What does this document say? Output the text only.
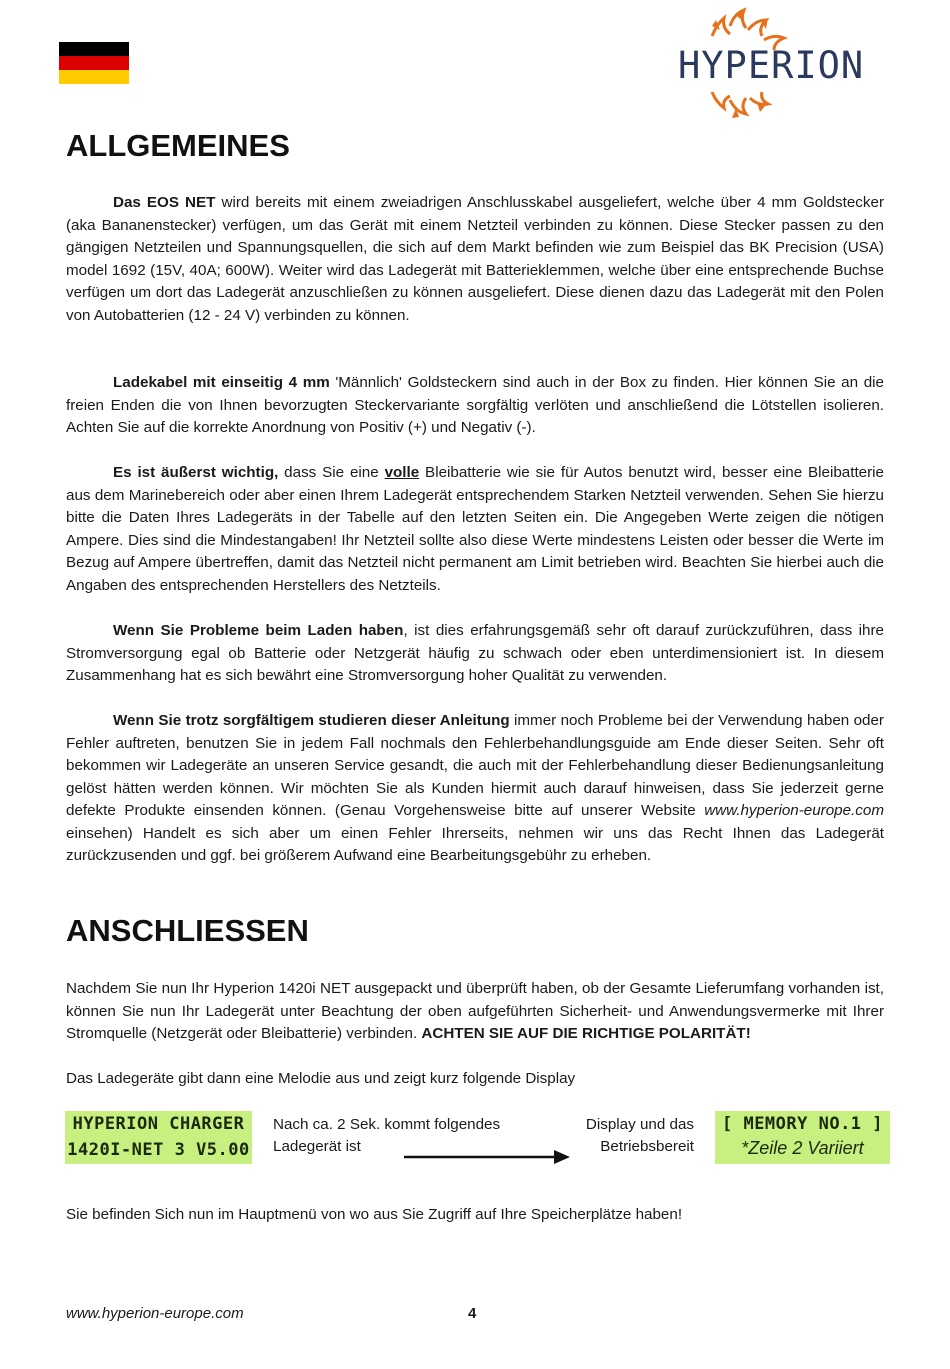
HYPERION
ALLGEMEINES

Das EOS NET wird bereits mit einem zweiadrigen Anschlusskabel ausgeliefert, welche über 4 mm Goldstecker (aka Bananenstecker) verfügen, um das Gerät mit einem Netzteil verbinden zu können. Diese Stecker passen zu den gängigen Netzteilen und Spannungsquellen, die sich auf dem Markt befinden wie zum Beispiel das BK Precision (USA) model 1692 (15V, 40A; 600W). Weiter wird das Ladegerät mit Batterieklemmen, welche über eine entsprechende Buchse verfügen um dort das Ladegerät anzuschließen zu können ausgeliefert. Diese dienen dazu das Ladegerät mit den Polen von Autobatterien (12 - 24 V) verbinden zu können.

Ladekabel mit einseitig 4 mm 'Männlich' Goldsteckern sind auch in der Box zu finden. Hier können Sie an die freien Enden die von Ihnen bevorzugten Steckervariante sorgfältig verlöten und anschließend die Lötstellen isolieren. Achten Sie auf die korrekte Anordnung von Positiv (+) und Negativ (-).

Es ist äußerst wichtig, dass Sie eine volle Bleibatterie wie sie für Autos benutzt wird, besser eine Bleibatterie aus dem Marinebereich oder aber einen Ihrem Ladegerät entsprechendem Starken Netzteil verwenden. Sehen Sie hierzu bitte die Daten Ihres Ladegeräts in der Tabelle auf den letzten Seiten ein. Die Angegeben Werte zeigen die nötigen Ampere. Dies sind die Mindestangaben! Ihr Netzteil sollte also diese Werte mindestens Leisten oder besser die Werte im Bezug auf Ampere übertreffen, damit das Netzteil nicht permanent am Limit betrieben wird. Beachten Sie hierbei auch die Angaben des entsprechenden Herstellers des Netzteils.

Wenn Sie Probleme beim Laden haben, ist dies erfahrungsgemäß sehr oft darauf zurückzuführen, dass ihre Stromversorgung egal ob Batterie oder Netzgerät häufig zu schwach oder eben unterdimensioniert ist. In diesem Zusammenhang hat es sich bewährt eine Stromversorgung hoher Qualität zu verwenden.

Wenn Sie trotz sorgfältigem studieren dieser Anleitung immer noch Probleme bei der Verwendung haben oder Fehler auftreten, benutzen Sie in jedem Fall nochmals den Fehlerbehandlungsguide am Ende dieser Seiten. Sehr oft bekommen wir Ladegeräte an unseren Service gesandt, die auch mit der Fehlerbehandlung dieser Bedienungsanleitung gelöst hätten werden können. Wir möchten Sie als Kunden hiermit auch darauf hinweisen, dass Sie jederzeit gerne defekte Produkte einsenden können. (Genau Vorgehensweise bitte auf unserer Website www.hyperion-europe.com einsehen) Handelt es sich aber um einen Fehler Ihrerseits, nehmen wir uns das Recht Ihnen das Ladegerät zurückzusenden und ggf. bei größerem Aufwand eine Bearbeitungsgebühr zu erheben.

ANSCHLIESSEN

Nachdem Sie nun Ihr Hyperion 1420i NET ausgepackt und überprüft haben, ob der Gesamte Lieferumfang vorhanden ist, können Sie nun Ihr Ladegerät unter Beachtung der oben aufgeführten Sicherheit- und Anwendungsvermerke mit Ihrer Stromquelle (Netzgerät oder Bleibatterie) verbinden. ACHTEN SIE AUF DIE RICHTIGE POLARITÄT!

Das Ladegeräte gibt dann eine Melodie aus und zeigt kurz folgende Display

HYPERION CHARGER
1420I-NET 3 V5.00
Nach ca. 2 Sek. kommt folgendes Ladegerät ist
Display und das Betriebsbereit
[ MEMORY NO.1 ]
*Zeile 2 Variiert

Sie befinden Sich nun im Hauptmenü von wo aus Sie Zugriff auf Ihre Speicherplätze haben!

www.hyperion-europe.com	4
